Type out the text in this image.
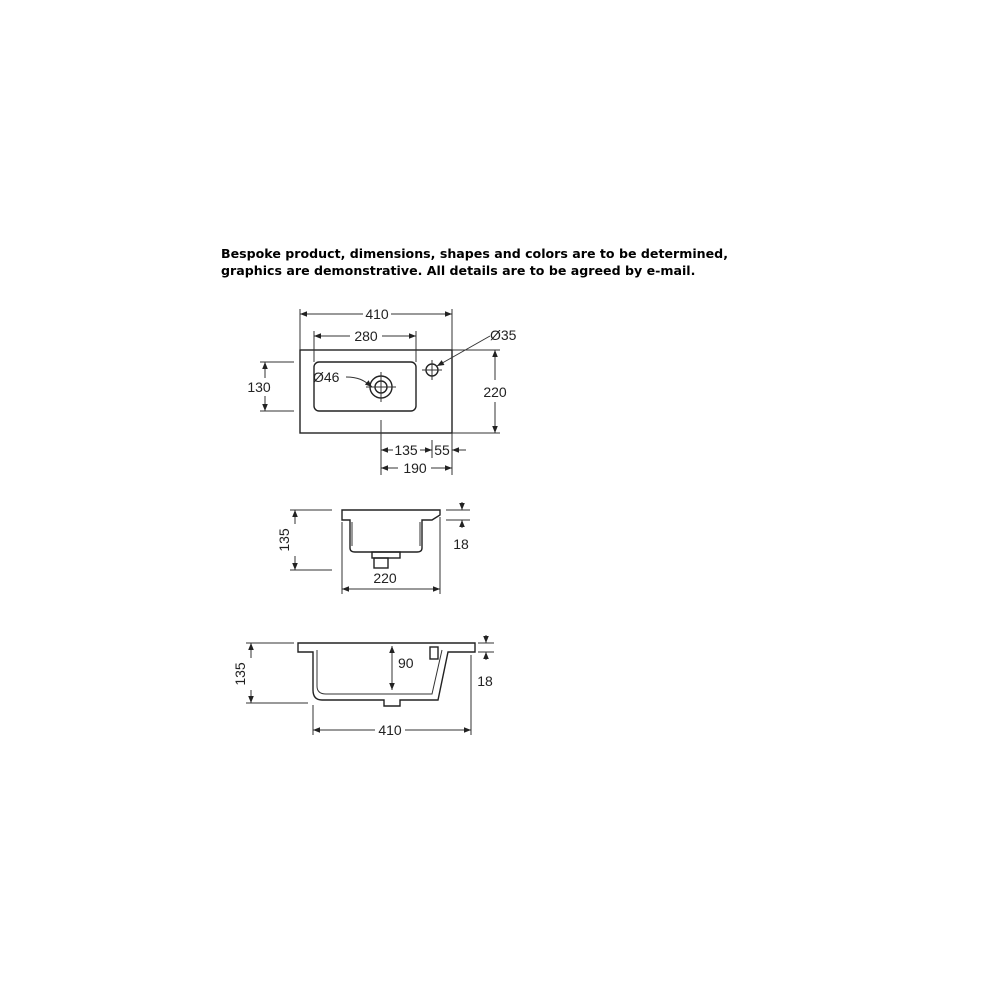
Bespoke product, dimensions, shapes and colors are to be determined,
graphics are demonstrative. All details are to be agreed by e-mail.

410
280	Ø35
Ø46
130	220
135 55
190
135	18
220
135	90
18
410
